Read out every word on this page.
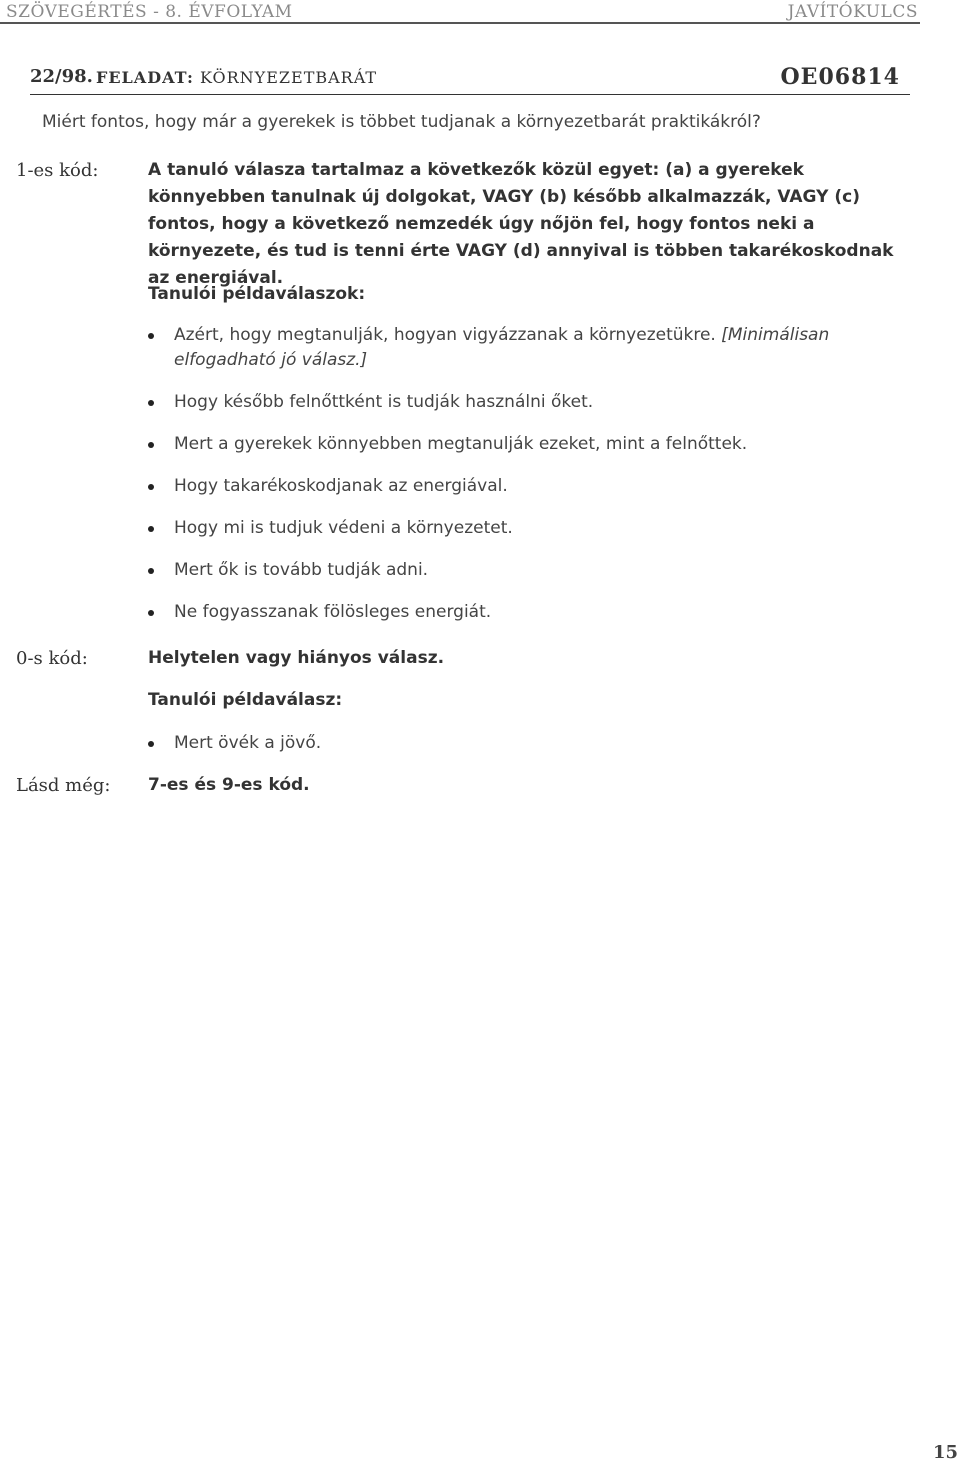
SZÖVEGÉRTÉS - 8. ÉVFOLYAM	JAVÍTÓKULCS
22/98. FELADAT: KÖRNYEZETBARÁT	OE06814
Miért fontos, hogy már a gyerekek is többet tudjanak a környezetbarát praktikákról?
1-es kód:	A tanuló válasza tartalmaz a következők közül egyet: (a) a gyerekek könnyebben tanulnak új dolgokat, VAGY (b) később alkalmazzák, VAGY (c) fontos, hogy a következő nemzedék úgy nőjön fel, hogy fontos neki a környezete, és tud is tenni érte VAGY (d) annyival is többen takarékoskodnak az energiával.
Tanulói példaválaszok:
Azért, hogy megtanulják, hogyan vigyázzanak a környezetükre. [Minimálisan elfogadható jó válasz.]
Hogy később felnőttként is tudják használni őket.
Mert a gyerekek könnyebben megtanulják ezeket, mint a felnőttek.
Hogy takarékoskodjanak az energiával.
Hogy mi is tudjuk védeni a környezetet.
Mert ők is tovább tudják adni.
Ne fogyasszanak fölösleges energiát.
0-s kód:	Helytelen vagy hiányos válasz.
Tanulói példaválasz:
Mert övék a jövő.
Lásd még: 7-es és 9-es kód.
15
